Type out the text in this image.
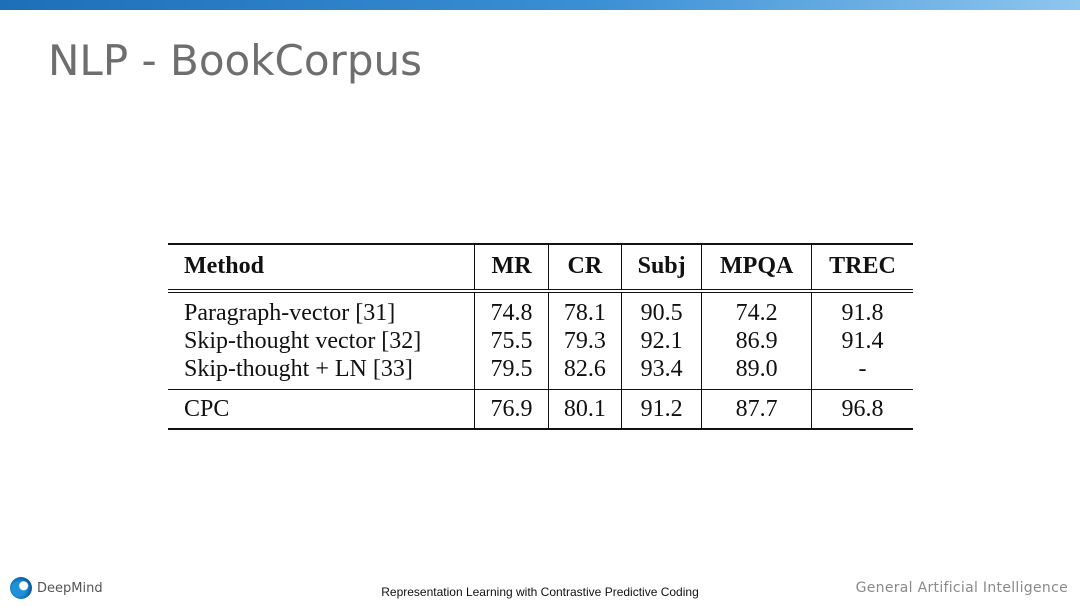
NLP - BookCorpus
Method	MR	CR	Subj	MPQA	TREC
Paragraph-vector [31]	74.8	78.1	90.5	74.2	91.8
Skip-thought vector [32]	75.5	79.3	92.1	86.9	91.4
Skip-thought + LN [33]	79.5	82.6	93.4	89.0	-
CPC	76.9	80.1	91.2	87.7	96.8
DeepMind	Representation Learning with Contrastive Predictive Coding	General Artificial Intelligence
